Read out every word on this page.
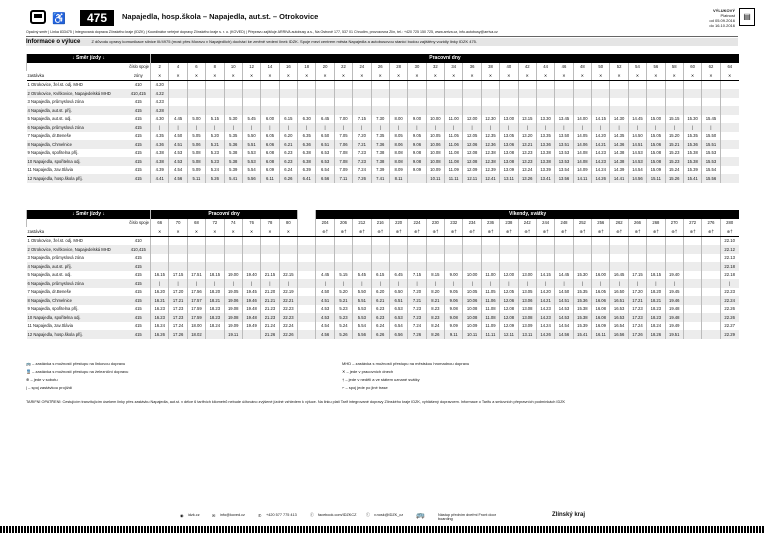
♿	475	Napajedla, hosp.škola – Napajedla, aut.st. – Otrokovice
VÝLUKOVÝ
Platnost
od 05.09.2016
do 16.10.2016
▤
Opačný směr | Linka 833475 | Integrovaná doprava Zlínského kraje (IDZK) | Koordinátor veřejné dopravy Zlínského kraje s. r. o. (KOVED) | Přepravu zajišťuje ARRIVA autobusy a.s., Na Ostrově 177, 537 01 Chrudim, provozovna Zlín, tel.: +420 725 150 725, www.arriva.cz, info.autobusy@arriva.cz
Informace o výluce	Z důvodu opravy komunikace silnice III/4975 (most přes Moravu v Napajedlích) dochází ke změně vedení linek IDZK. Spoje mezi centrem města Napajedla a autobusovou stanicí budou zajištěny vozidly linky IDZK 475.
↓ Směr jízdy ↓		Pracovní dny																															
číslo spoje		2	4	6	8	10	12	14	16	18	20	22	24	26	28	30	32	34	36	38	40	42	44	46	48	50	52	54	56	58	60	62	64
zastávka	zóny	✕	✕	✕	✕	✕	✕	✕	✕	✕	✕	✕	✕	✕	✕	✕	✕	✕	✕	✕	✕	✕	✕	✕	✕	✕	✕	✕	✕	✕	✕	✕	✕
1 Otrokovice, žel.st. odj. MHD	410	4.20																															
2 Otrokovice, Kvítkovice, Napajedelská MHD	410,415	4.22																															
3 Napajedla, průmyslová zóna	415	4.23																															
4 Napajedla, aut.st. příj.	415	4.28																															
5 Napajedla, aut.st. odj.	415	4.30	4.45	5.00	5.15	5.30	5.45	6.00	6.15	6.30	6.45	7.00	7.15	7.30	8.00	9.00	10.00	11.00	12.00	12.30	13.00	13.15	13.30	13.45	14.00	14.15	14.30	14.45	15.00	15.15	15.30	15.45	
6 Napajedla, průmyslová zóna	415	|	|	|	|	|	|	|	|	|	|	|	|	|	|	|	|	|	|	|	|	|	|	|	|	|	|	|	|	|	|	|	
7 Napajedla, dr.Beneše	415	4.35	4.50	5.05	5.20	5.35	5.50	6.05	6.20	6.35	6.50	7.05	7.20	7.35	8.05	9.05	10.05	11.05	12.05	12.35	13.05	13.20	13.35	13.50	14.05	14.20	14.35	14.50	15.05	15.20	15.35	15.50	
8 Napajedla, Chmelnice	415	4.36	4.51	5.06	5.21	5.36	5.51	6.06	6.21	6.36	6.51	7.06	7.21	7.36	8.06	9.06	10.06	11.06	12.06	12.36	13.06	13.21	13.36	13.51	14.06	14.21	14.36	14.51	15.06	15.21	15.36	15.51	
9 Napajedla, spořitelna příj.	415	4.38	4.53	5.08	5.23	5.38	5.53	6.08	6.23	6.38	6.53	7.08	7.23	7.38	8.08	9.08	10.08	11.08	12.08	12.38	13.08	13.23	13.38	13.53	14.08	14.23	14.38	14.53	15.08	15.23	15.38	15.53	
10 Napajedla, spořitelna odj.	415	4.38	4.53	5.08	5.23	5.38	5.53	6.08	6.23	6.38	6.53	7.08	7.23	7.38	8.08	9.08	10.08	11.08	12.08	12.38	13.08	13.23	13.38	13.53	14.08	14.23	14.38	14.53	15.08	15.23	15.38	15.53	
11 Napajedla, zav.Slávia	415	4.39	4.54	5.09	5.24	5.39	5.54	6.09	6.24	6.39	6.54	7.09	7.24	7.39	8.09	9.09	10.09	11.09	12.09	12.39	13.09	13.24	13.39	13.54	14.09	14.24	14.39	14.54	15.09	15.24	15.39	15.54	
12 Napajedla, hosp.škola příj.	415	4.41	4.56	5.11	5.26	5.41	5.56	6.11	6.26	6.41	6.56	7.11	7.26	7.41	8.11		10.11	11.11	12.11	12.41	13.11	13.26	13.41	13.56	14.11	14.26	14.41	14.56	15.11	15.26	15.41	15.56	
↓ Směr jízdy ↓		Pracovní dny									Víkendy, svátky																						
číslo spoje		66	70	68	72	74	76	78	80		204	206	212	216	220	224	230	232	234	236	238	242	244	248	252	256	262	266	268	270	272	276	280
zastávka		✕	✕	✕	✕	✕	✕	✕	✕		⊕†	⊕†	⊕†	⊕†	⊕†	⊕†	⊕†	⊕†	⊕†	⊕†	⊕†	⊕†	⊕†	⊕†	⊕†	⊕†	⊕†	⊕†	⊕†	⊕†	⊕†	⊕†	⊕†
1 Otrokovice, žel.st. odj. MHD	410																																22.10
2 Otrokovice, Kvítkovice, Napajedelská MHD	410,415																																22.12
3 Napajedla, průmyslová zóna	415																																22.13
4 Napajedla, aut.st. příj.	415																																22.18
5 Napajedla, aut.st. odj.	415	16.15	17.15	17.51	18.15	19.00	19.40	21.15	22.15		4.45	5.15	5.45	6.15	6.45	7.15	8.15	9.00	10.00	11.00	12.00	13.00	14.15	14.45	15.30	16.00	16.45	17.15	18.15	19.40			22.18
6 Napajedla, průmyslová zóna	415	|	|	|	|	|	|	|	|		|	|	|	|	|	|	|	|	|	|	|	|	|	|	|	|	|	|	|	|			|
7 Napajedla, dr.Beneše	415	16.20	17.20	17.56	18.20	19.05	19.45	21.20	22.19		4.50	5.20	5.50	6.20	6.50	7.20	8.20	9.05	10.05	11.05	12.05	13.05	14.20	14.50	15.35	16.05	16.50	17.20	18.20	19.45			22.23
8 Napajedla, Chmelnice	415	16.21	17.21	17.57	18.21	19.06	19.46	21.21	22.21		4.51	5.21	5.51	6.21	6.51	7.21	8.21	9.06	10.06	11.06	12.06	13.06	14.21	14.51	15.36	16.06	16.51	17.21	18.21	19.46			22.24
9 Napajedla, spořitelna příj.	415	16.23	17.23	17.59	18.23	19.08	19.48	21.23	22.23		4.53	5.23	5.53	6.23	6.53	7.23	8.23	9.08	10.08	11.08	12.08	13.08	14.23	14.53	15.38	16.08	16.53	17.23	18.23	19.48			22.26
10 Napajedla, spořitelna odj.	415	16.23	17.23	17.59	18.23	19.08	19.48	21.23	22.23		4.53	5.23	5.53	6.23	6.53	7.23	8.23	9.08	10.08	11.08	12.08	13.08	14.23	14.53	15.38	16.08	16.53	17.23	18.23	19.48			22.26
11 Napajedla, zav.Slávia	415	16.24	17.24	18.00	18.24	19.09	19.49	21.24	22.24		4.54	5.24	5.54	6.24	6.54	7.24	8.24	9.09	10.09	11.09	12.09	13.09	14.24	14.54	15.39	16.09	16.54	17.24	18.24	19.49			22.27
12 Napajedla, hosp.škola příj.	415	16.26	17.26	18.02		19.11		21.26	22.26		4.56	5.26	5.56	6.26	6.56	7.26	8.26	9.11	10.11	11.11	12.11	13.11	14.26	14.56	15.41	16.11	16.56	17.26	18.26	19.51			22.29
🚌 – zastávka s možností přestupu na linkovou dopravu
🚆 – zastávka s možností přestupu na železniční dopravu
⊕ – jede v sobotu
| – spoj zastávkou projíždí
MHD – zastávka s možností přestupu na městskou hromadnou dopravu
✕ – jede v pracovních dnech
† – jede v neděli a ve státem uznané svátky
⌐ – spoj jede po jiné trase
TARIFNÍ OPATŘENÍ: Cestujícím tranzitujícím úsekem linky přes zastávku Napajedla, aut.st. v délce 6 tarifních kilometrů nebude účtováno zvýšené jízdné vzhledem k výluce. Na linku platí Tarif integrované dopravy Zlínského kraje IDZK, vyhlášený dopravcem. Informace o Tarifu a smluvních přepravních podmínkách IDZK
◉ idzk.cz	✉ info@koved.cz	✆ +420 577 775 413	ⓕ facebook.com/IDZKCZ	ⓣ v.nosk@IDZK_cz 🚌	Nástup předním dveřmi Front door boarding
Zlínský kraj
